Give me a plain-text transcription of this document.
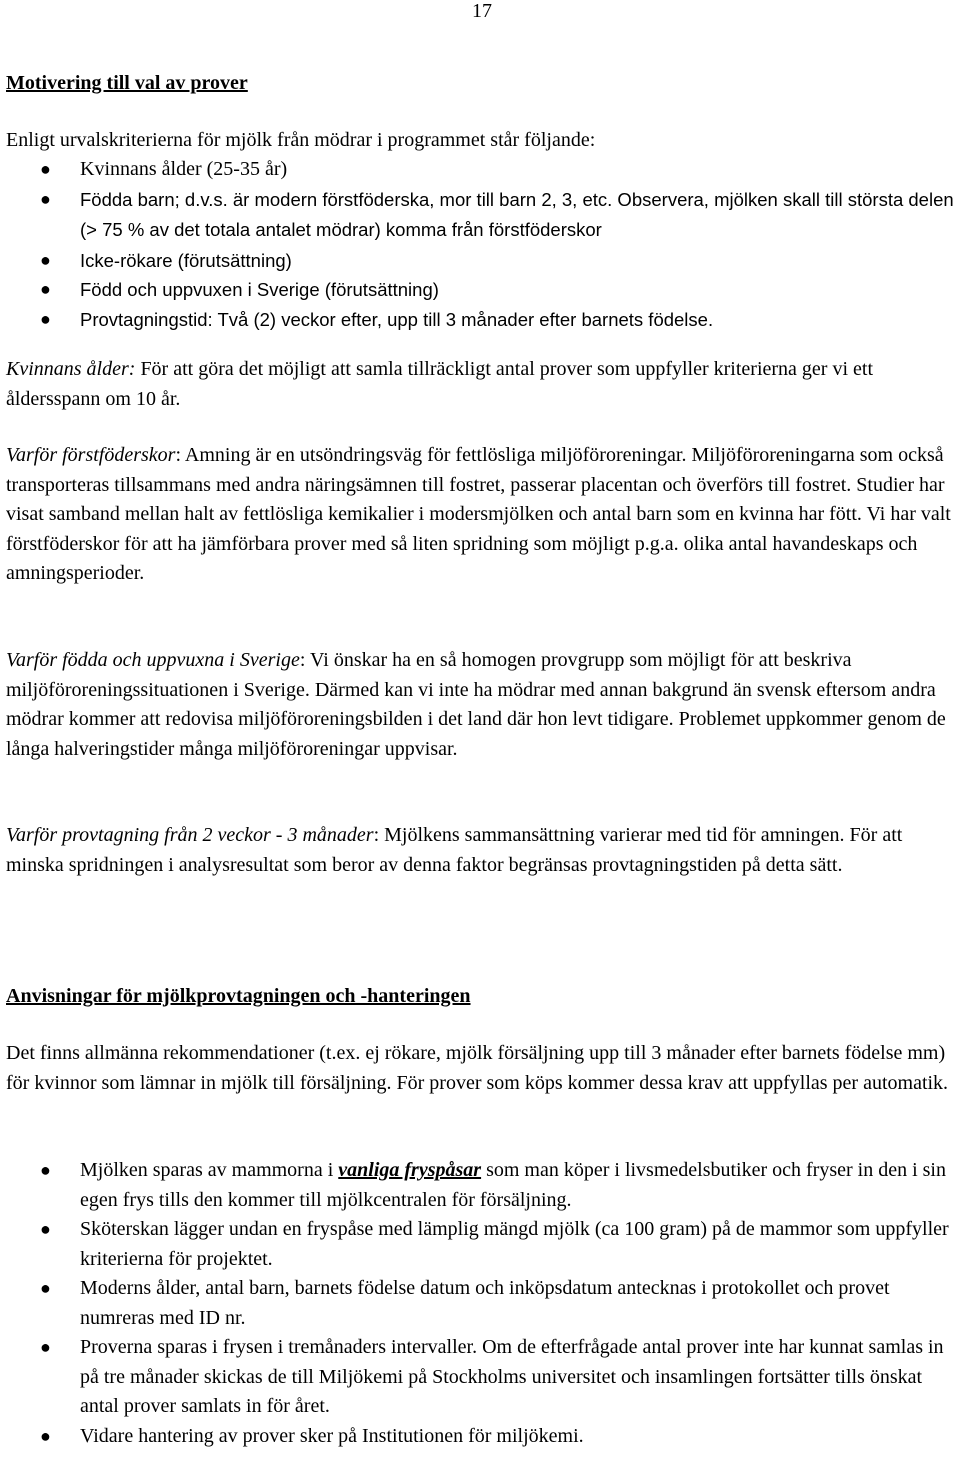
17
Motivering till val av prover
Enligt urvalskriterierna för mjölk från mödrar i programmet står följande:
● Kvinnans ålder (25-35 år)
● Födda barn; d.v.s. är modern förstföderska, mor till barn 2, 3, etc. Observera, mjölken skall till största delen (> 75 % av det totala antalet mödrar) komma från förstföderskor
● Icke-rökare (förutsättning)
● Född och uppvuxen i Sverige (förutsättning)
● Provtagningstid: Två (2) veckor efter, upp till 3 månader efter barnets födelse.

Kvinnans ålder: För att göra det möjligt att samla tillräckligt antal prover som uppfyller kriterierna ger vi ett åldersspann om 10 år.

Varför förstföderskor: Amning är en utsöndringsväg för fettlösliga miljöföroreningar. Miljöföroreningarna som också transporteras tillsammans med andra näringsämnen till fostret, passerar placentan och överförs till fostret. Studier har visat samband mellan halt av fettlösliga kemikalier i modersmjölken och antal barn som en kvinna har fött. Vi har valt förstföderskor för att ha jämförbara prover med så liten spridning som möjligt p.g.a. olika antal havandeskaps och amningsperioder.

Varför födda och uppvuxna i Sverige: Vi önskar ha en så homogen provgrupp som möjligt för att beskriva miljöföroreningssituationen i Sverige. Därmed kan vi inte ha mödrar med annan bakgrund än svensk eftersom andra mödrar kommer att redovisa miljöföroreningsbilden i det land där hon levt tidigare. Problemet uppkommer genom de långa halveringstider många miljöföroreningar uppvisar.

Varför provtagning från 2 veckor - 3 månader: Mjölkens sammansättning varierar med tid för amningen. För att minska spridningen i analysresultat som beror av denna faktor begränsas provtagningstiden på detta sätt.

Anvisningar för mjölkprovtagningen och -hanteringen

Det finns allmänna rekommendationer (t.ex. ej rökare, mjölk försäljning upp till 3 månader efter barnets födelse mm) för kvinnor som lämnar in mjölk till försäljning. För prover som köps kommer dessa krav att uppfyllas per automatik.

● Mjölken sparas av mammorna i vanliga fryspåsar som man köper i livsmedelsbutiker och fryser in den i sin egen frys tills den kommer till mjölkcentralen för försäljning.
● Sköterskan lägger undan en fryspåse med lämplig mängd mjölk (ca 100 gram) på de mammor som uppfyller kriterierna för projektet.
● Moderns ålder, antal barn, barnets födelse datum och inköpsdatum antecknas i protokollet och provet numreras med ID nr.
● Proverna sparas i frysen i tremånaders intervaller. Om de efterfrågade antal prover inte har kunnat samlas in på tre månader skickas de till Miljökemi på Stockholms universitet och insamlingen fortsätter tills önskat antal prover samlats in för året.
● Vidare hantering av prover sker på Institutionen för miljökemi.
